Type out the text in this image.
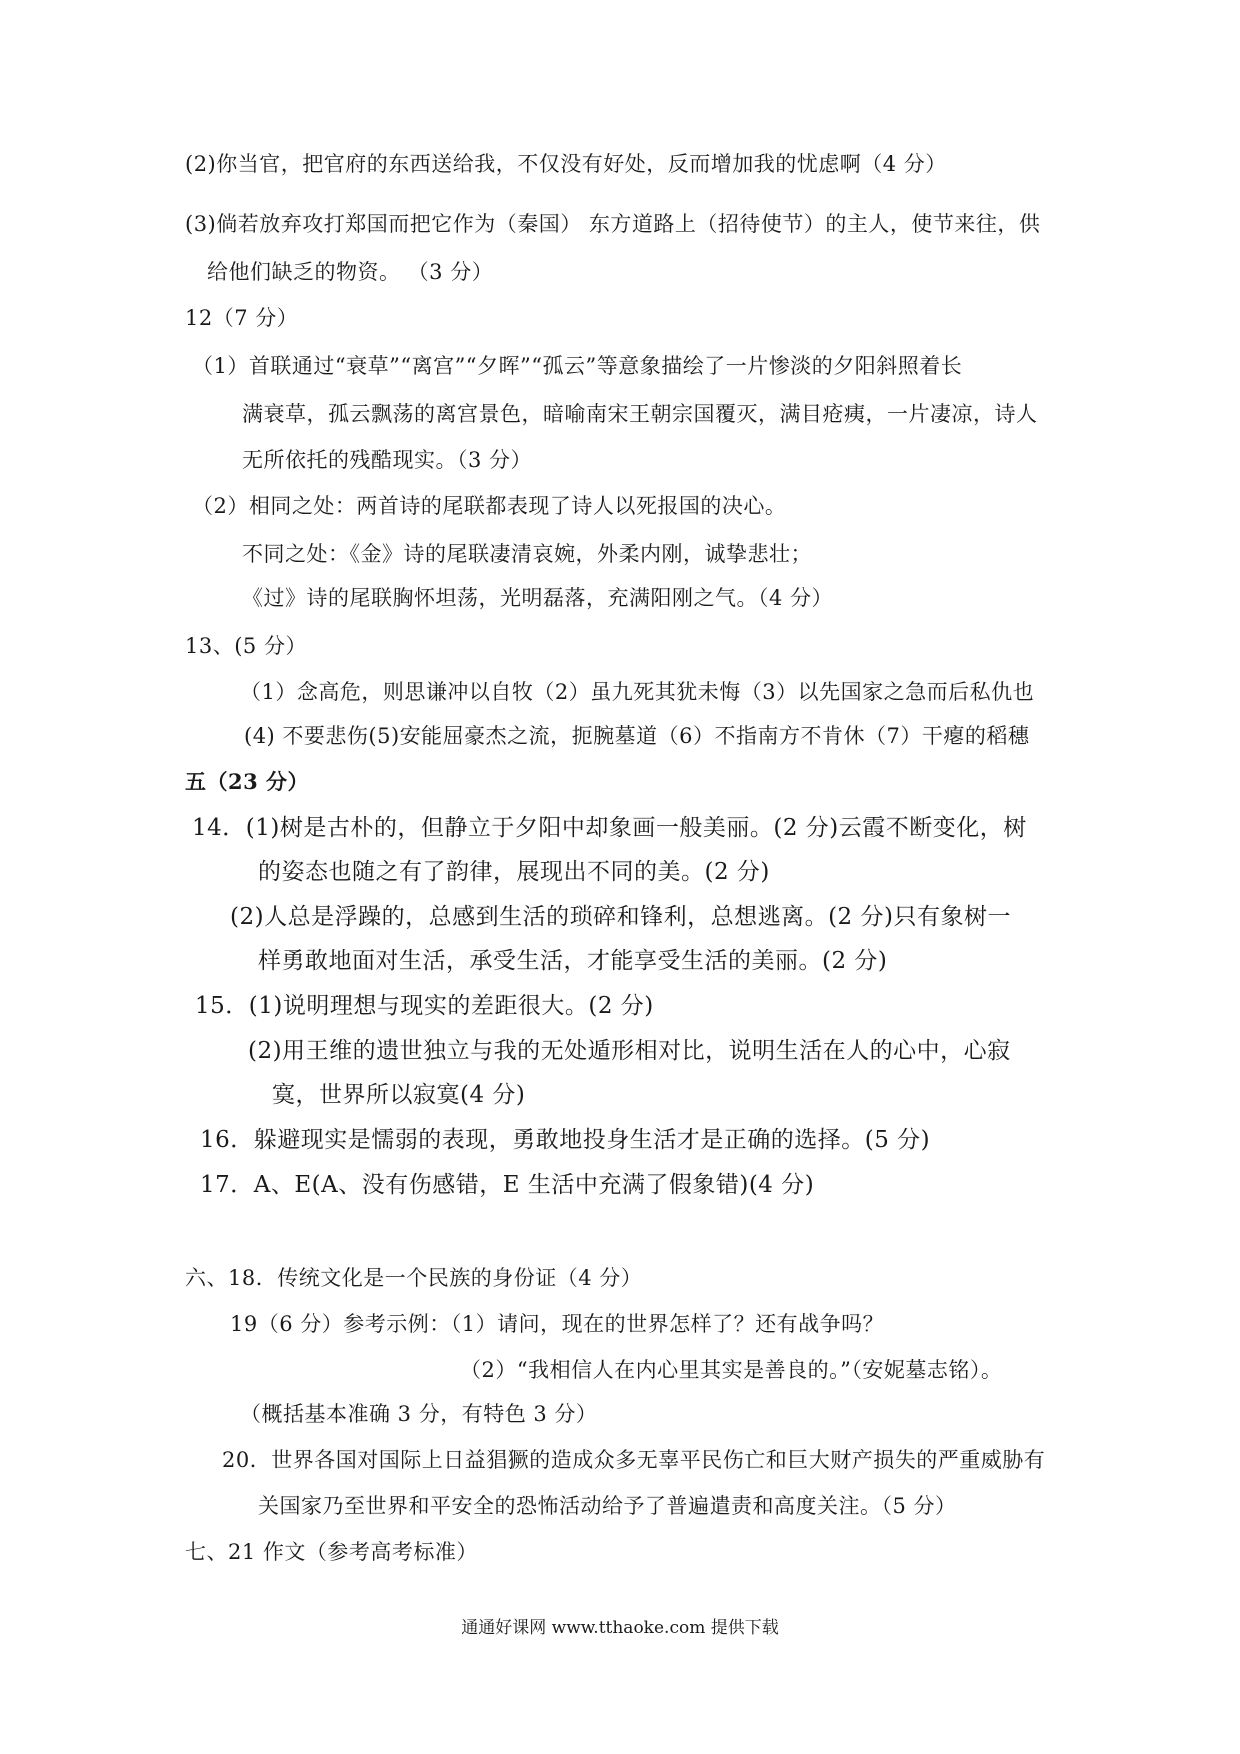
(2)你当官，把官府的东西送给我，不仅没有好处，反而增加我的忧虑啊（4 分）
(3)倘若放弃攻打郑国而把它作为（秦国） 东方道路上（招待使节）的主人，使节来往，供
给他们缺乏的物资。 （3 分）
12（7 分）
（1）首联通过“衰草”“离宫”“夕晖”“孤云”等意象描绘了一片惨淡的夕阳斜照着长
满衰草，孤云飘荡的离宫景色，暗喻南宋王朝宗国覆灭，满目疮痍，一片凄凉，诗人
无所依托的残酷现实。（3 分）
（2）相同之处：两首诗的尾联都表现了诗人以死报国的决心。
不同之处：《金》诗的尾联凄清哀婉，外柔内刚，诚挚悲壮；
《过》诗的尾联胸怀坦荡，光明磊落，充满阳刚之气。（4 分）
13、(5 分）
（1）念高危，则思谦冲以自牧（2）虽九死其犹未悔（3）以先国家之急而后私仇也
(4) 不要悲伤(5)安能屈豪杰之流，扼腕墓道（6）不指南方不肯休（7）干瘪的稻穗
五（23 分）
14．(1)树是古朴的，但静立于夕阳中却象画一般美丽。(2 分)云霞不断变化，树
的姿态也随之有了韵律，展现出不同的美。(2 分)
(2)人总是浮躁的，总感到生活的琐碎和锋利，总想逃离。(2 分)只有象树一
样勇敢地面对生活，承受生活，才能享受生活的美丽。(2 分)
15．(1)说明理想与现实的差距很大。(2 分)
(2)用王维的遗世独立与我的无处遁形相对比，说明生活在人的心中，心寂
寞，世界所以寂寞(4 分)
16．躲避现实是懦弱的表现，勇敢地投身生活才是正确的选择。(5 分)
17．A、E(A、没有伤感错，E 生活中充满了假象错)(4 分)
六、18．传统文化是一个民族的身份证（4 分）
19（6 分）参考示例：（1）请问，现在的世界怎样了？还有战争吗？
（2）“我相信人在内心里其实是善良的。”（安妮墓志铭）。
（概括基本准确 3 分，有特色 3 分）
20．世界各国对国际上日益猖獗的造成众多无辜平民伤亡和巨大财产损失的严重威胁有
关国家乃至世界和平安全的恐怖活动给予了普遍遣责和高度关注。（5 分）
七、21 作文（参考高考标准）
通通好课网 www.tthaoke.com 提供下载
